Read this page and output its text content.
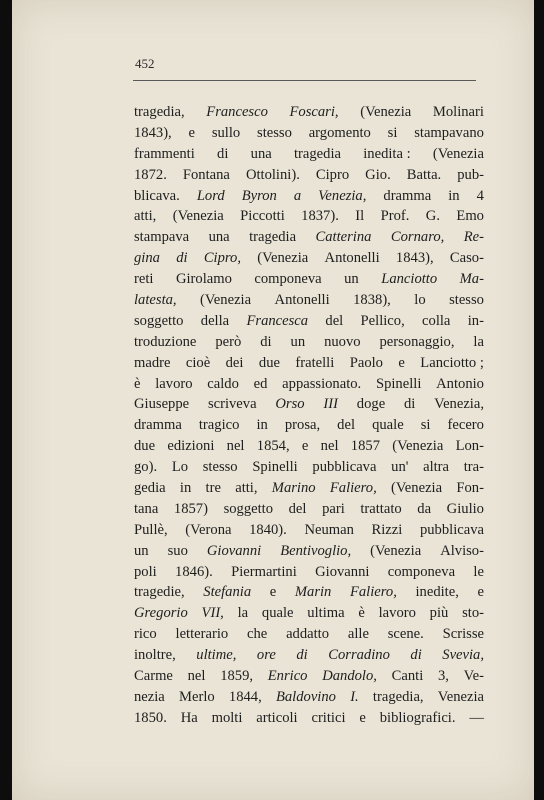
452
tragedia, Francesco Foscari, (Venezia Molinari
1843), e sullo stesso argomento si stampavano
frammenti di una tragedia inedita : (Venezia
1872. Fontana Ottolini). Cipro Gio. Batta. pub-
blicava. Lord Byron a Venezia, dramma in 4
atti, (Venezia Piccotti 1837). Il Prof. G. Emo
stampava una tragedia Catterina Cornaro, Re-
gina di Cipro, (Venezia Antonelli 1843), Caso-
reti Girolamo componeva un Lanciotto Ma-
latesta, (Venezia Antonelli 1838), lo stesso
soggetto della Francesca del Pellico, colla in-
troduzione però di un nuovo personaggio, la
madre cioè dei due fratelli Paolo e Lanciotto ;
è lavoro caldo ed appassionato. Spinelli Antonio
Giuseppe scriveva Orso III doge di Venezia,
dramma tragico in prosa, del quale si fecero
due edizioni nel 1854, e nel 1857 (Venezia Lon-
go). Lo stesso Spinelli pubblicava un' altra tra-
gedia in tre atti, Marino Faliero, (Venezia Fon-
tana 1857) soggetto del pari trattato da Giulio
Pullè, (Verona 1840). Neuman Rizzi pubblicava
un suo Giovanni Bentivoglio, (Venezia Alviso-
poli 1846). Piermartini Giovanni componeva le
tragedie, Stefania e Marin Faliero, inedite, e
Gregorio VII, la quale ultima è lavoro più sto-
rico letterario che addatto alle scene. Scrisse
inoltre, ultime, ore di Corradino di Svevia,
Carme nel 1859, Enrico Dandolo, Canti 3, Ve-
nezia Merlo 1844, Baldovino I. tragedia, Venezia
1850. Ha molti articoli critici e bibliografici. —
